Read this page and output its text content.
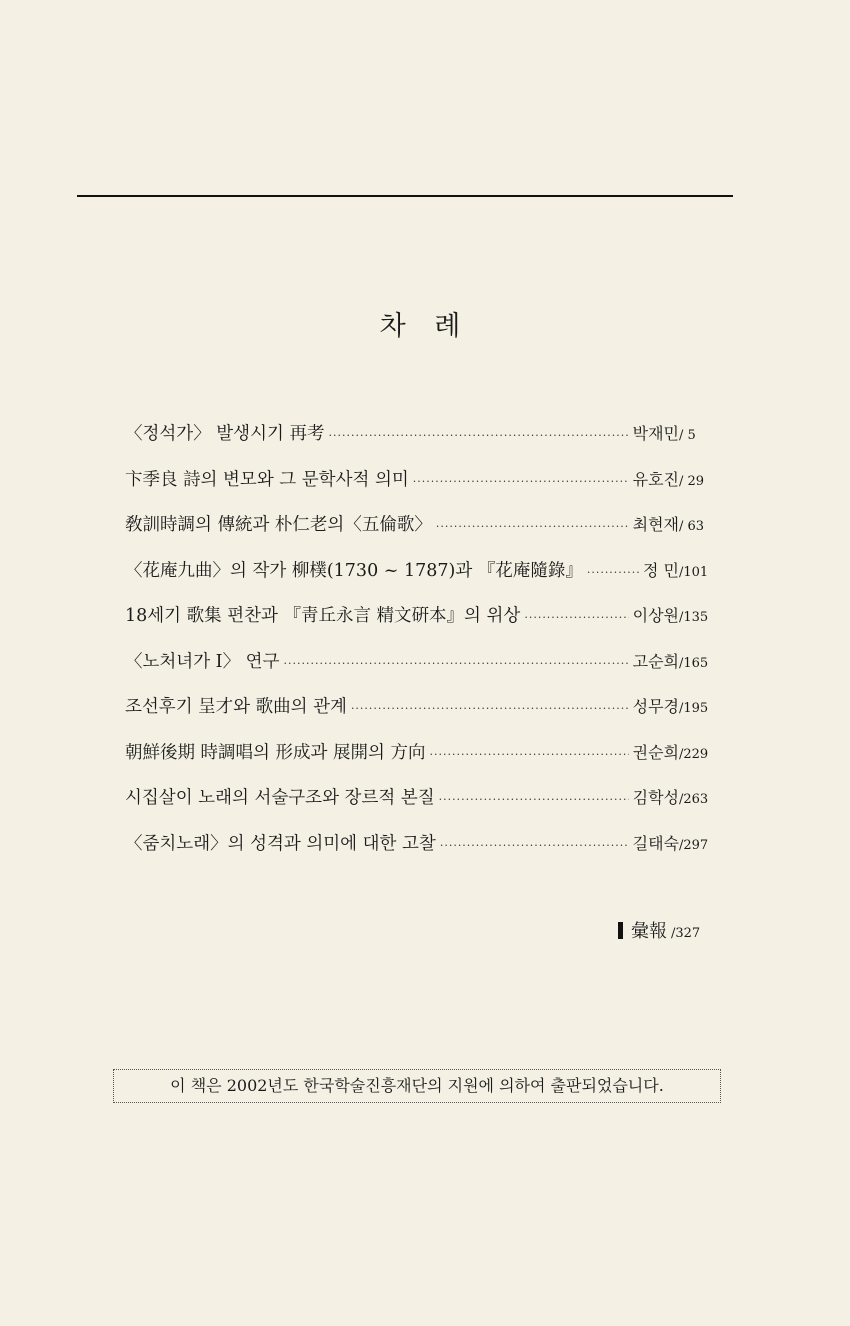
차 례
〈정석가〉 발생시기 再考 ·····	박재민 / 5
卞季良 詩의 변모와 그 문학사적 의미 ·····	유호진 / 29
敎訓時調의 傳統과 朴仁老의〈五倫歌〉 ·····	최현재 / 63
〈花庵九曲〉의 작가 柳樸(1730 ~ 1787)과 『花庵隨錄』 ·····	정 민 /101
18세기 歌集 편찬과 『靑丘永言 精文硏本』의 위상 ·····	이상원 /135
〈노처녀가 Ⅰ〉 연구 ·····	고순희 /165
조선후기 呈才와 歌曲의 관계 ·····	성무경 /195
朝鮮後期 時調唱의 形成과 展開의 方向 ·····	권순희 /229
시집살이 노래의 서술구조와 장르적 본질 ·····	김학성 /263
〈줌치노래〉의 성격과 의미에 대한 고찰 ·····	길태숙 /297
彙報 /327
이 책은 2002년도 한국학술진흥재단의 지원에 의하여 출판되었습니다.
